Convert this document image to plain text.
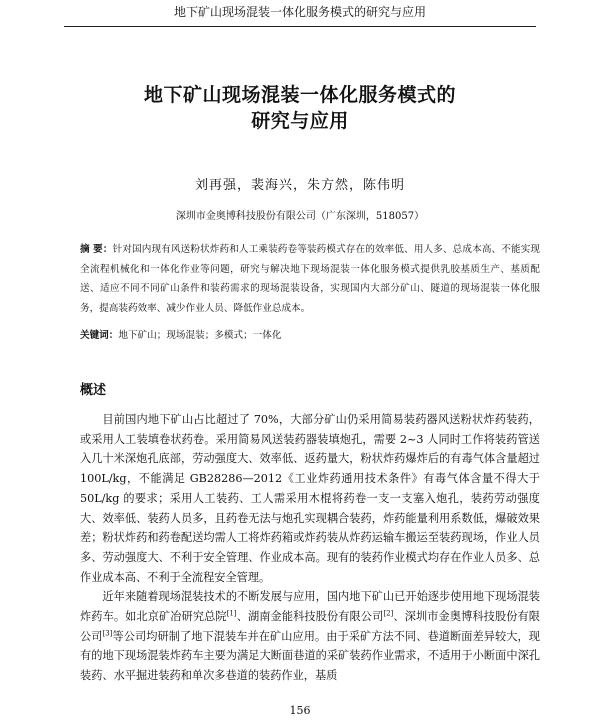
地下矿山现场混装一体化服务模式的研究与应用
地下矿山现场混装一体化服务模式的
研究与应用
刘再强，裴海兴，朱方然，陈伟明
深圳市金奥博科技股份有限公司（广东深圳，518057）
摘 要：针对国内现有风送粉状炸药和人工乘装药卷等装药模式存在的效率低、用人多、总成本高、不能实现全流程机械化和一体化作业等问题，研究与解决地下现场混装一体化服务模式提供乳胶基质生产、基质配送、适应不同不同矿山条件和装药需求的现场混装设备，实现国内大部分矿山、隧道的现场混装一体化服务，提高装药效率、减少作业人员、降低作业总成本。
关键词：地下矿山；现场混装；多模式；一体化
概述

目前国内地下矿山占比超过了 70%，大部分矿山仍采用简易装药器风送粉状炸药装药，或采用人工装填卷状药卷。采用简易风送装药器装填炮孔，需要 2~3 人同时工作将装药管送入几十米深炮孔底部，劳动强度大、效率低、返药量大，粉状炸药爆炸后的有毒气体含量超过 100L/kg，不能满足 GB28286—2012《工业炸药通用技术条件》有毒气体含量不得大于 50L/kg 的要求；采用人工装药、工人需采用木棍将药卷一支一支塞入炮孔，装药劳动强度大、效率低、装药人员多，且药卷无法与炮孔实现耦合装药，炸药能量利用系数低，爆破效果差；粉状炸药和药卷配送均需人工将炸药箱或炸药装从炸药运输车搬运至装药现场，作业人员多、劳动强度大、不利于安全管理、作业成本高。现有的装药作业模式均存在作业人员多、总作业成本高、不利于全流程安全管理。

近年来随着现场混装技术的不断发展与应用，国内地下矿山已开始逐步使用地下现场混装炸药车。如北京矿冶研究总院[1]、湖南金能科技股份有限公司[2]、深圳市金奥博科技股份有限公司[3]等公司均研制了地下混装车并在矿山应用。由于采矿方法不同、巷道断面差异较大，现有的地下现场混装炸药车主要为满足大断面巷道的采矿装药作业需求，不适用于小断面中深孔装药、水平掘进装药和单次多巷道的装药作业，基质

156
